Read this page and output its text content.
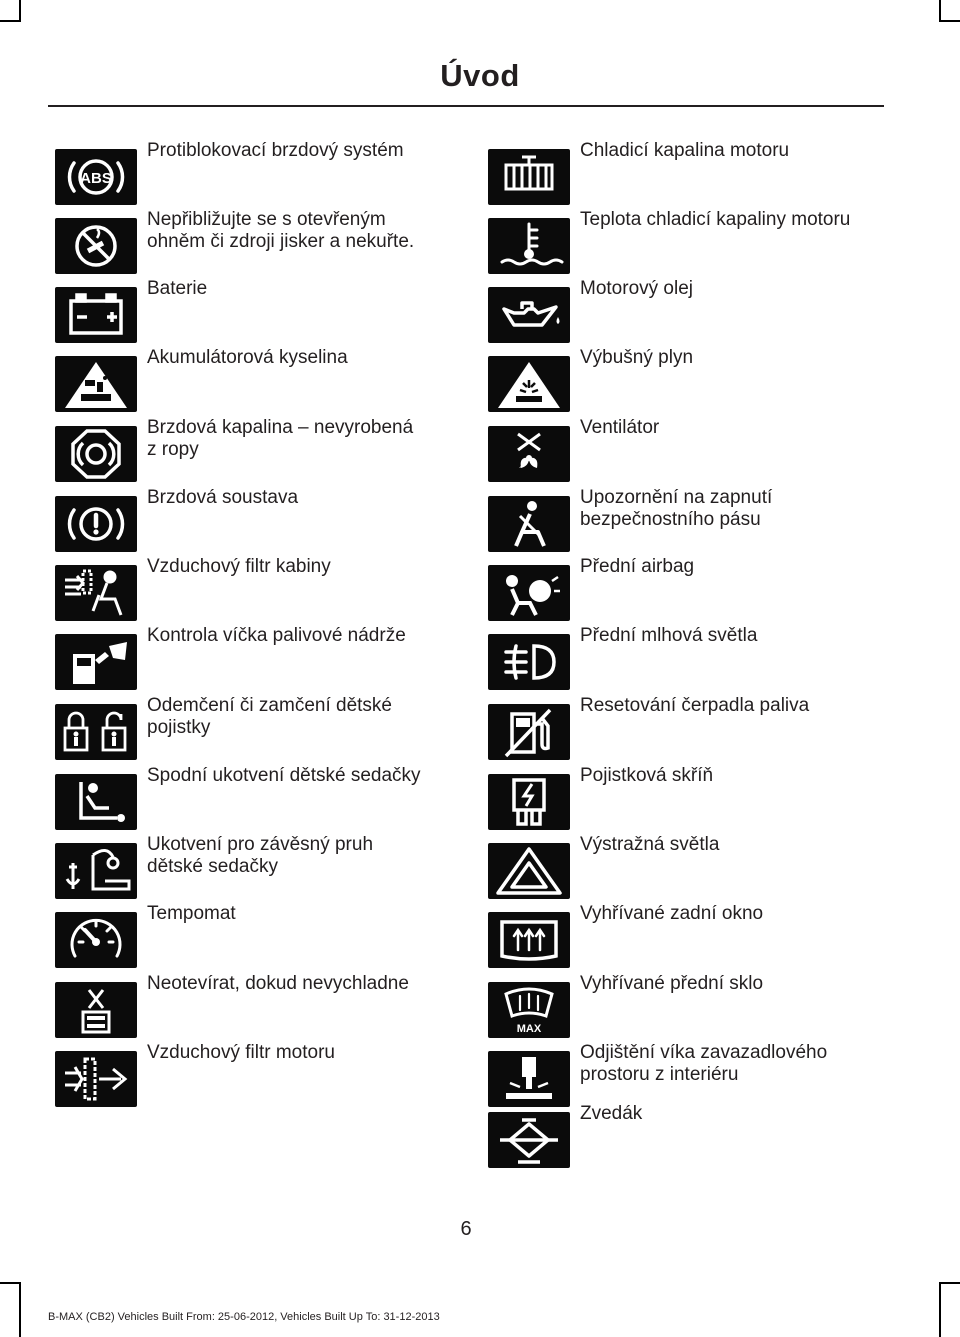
Úvod
ABS
Protiblokovací brzdový systém
Nepřibližujte se s otevřeným
ohněm či zdroji jisker a nekuřte.
Baterie
Akumulátorová kyselina
Brzdová kapalina – nevyrobená
z ropy
Brzdová soustava
Vzduchový filtr kabiny
Kontrola víčka palivové nádrže
Odemčení či zamčení dětské
pojistky
Spodní ukotvení dětské sedačky
Ukotvení pro závěsný pruh
dětské sedačky
Tempomat
Neotevírat, dokud nevychladne
Vzduchový filtr motoru
Chladicí kapalina motoru
Teplota chladicí kapaliny motoru
Motorový olej
Výbušný plyn
Ventilátor
Upozornění na zapnutí
bezpečnostního pásu
Přední airbag
Přední mlhová světla
Resetování čerpadla paliva
Pojistková skříň
Výstražná světla
Vyhřívané zadní okno
MAX
Vyhřívané přední sklo
Odjištění víka zavazadlového
prostoru z interiéru
Zvedák
6
B-MAX (CB2) Vehicles Built From: 25-06-2012, Vehicles Built Up To: 31-12-2013
